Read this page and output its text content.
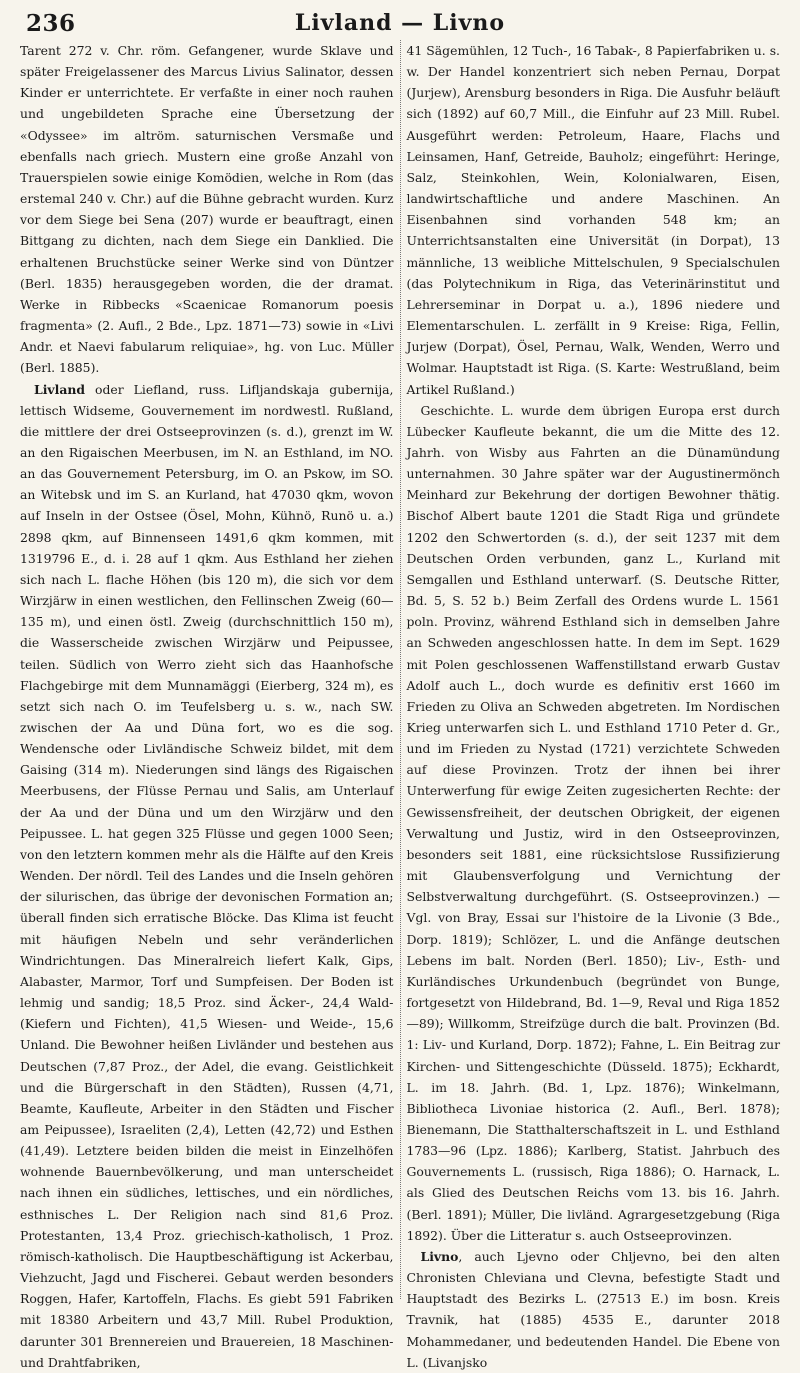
236	Livland — Livno

Tarent 272 v. Chr. röm. Gefangener, wurde Sklave und später Freigelassener des Marcus Livius Salinator, dessen Kinder er unterrichtete. Er verfaßte in einer noch rauhen und ungebildeten Sprache eine Übersetzung der «Odyssee» im altröm. saturnischen Versmaße und ebenfalls nach griech. Mustern eine große Anzahl von Trauerspielen sowie einige Komödien, welche in Rom (das erstemal 240 v. Chr.) auf die Bühne gebracht wurden. Kurz vor dem Siege bei Sena (207) wurde er beauftragt, einen Bittgang zu dichten, nach dem Siege ein Danklied. Die erhaltenen Bruchstücke seiner Werke sind von Düntzer (Berl. 1835) herausgegeben worden, die der dramat. Werke in Ribbecks «Scaenicae Romanorum poesis fragmenta» (2. Aufl., 2 Bde., Lpz. 1871—73) sowie in «Livi Andr. et Naevi fabularum reliquiae», hg. von Luc. Müller (Berl. 1885).

Livland oder Liefland, russ. Lifljandskaja gubernija, lettisch Widseme, Gouvernement im nordwestl. Rußland, die mittlere der drei Ostseeprovinzen (s. d.), grenzt im W. an den Rigaischen Meerbusen, im N. an Esthland, im NO. an das Gouvernement Petersburg, im O. an Pskow, im SO. an Witebsk und im S. an Kurland, hat 47030 qkm, wovon auf Inseln in der Ostsee (Ösel, Mohn, Kühnö, Runö u. a.) 2898 qkm, auf Binnenseen 1491,6 qkm kommen, mit 1319796 E., d. i. 28 auf 1 qkm. Aus Esthland her ziehen sich nach L. flache Höhen (bis 120 m), die sich vor dem Wirzjärw in einen westlichen, den Fellinschen Zweig (60—135 m), und einen östl. Zweig (durchschnittlich 150 m), die Wasserscheide zwischen Wirzjärw und Peipussee, teilen. Südlich von Werro zieht sich das Haanhofsche Flachgebirge mit dem Munnamäggi (Eierberg, 324 m), es setzt sich nach O. im Teufelsberg u. s. w., nach SW. zwischen der Aa und Düna fort, wo es die sog. Wendensche oder Livländische Schweiz bildet, mit dem Gaising (314 m). Niederungen sind längs des Rigaischen Meerbusens, der Flüsse Pernau und Salis, am Unterlauf der Aa und der Düna und um den Wirzjärw und den Peipussee. L. hat gegen 325 Flüsse und gegen 1000 Seen; von den letztern kommen mehr als die Hälfte auf den Kreis Wenden. Der nördl. Teil des Landes und die Inseln gehören der silurischen, das übrige der devonischen Formation an; überall finden sich erratische Blöcke. Das Klima ist feucht mit häufigen Nebeln und sehr veränderlichen Windrichtungen. Das Mineralreich liefert Kalk, Gips, Alabaster, Marmor, Torf und Sumpfeisen. Der Boden ist lehmig und sandig; 18,5 Proz. sind Äcker-, 24,4 Wald- (Kiefern und Fichten), 41,5 Wiesen- und Weide-, 15,6 Unland. Die Bewohner heißen Livländer und bestehen aus Deutschen (7,87 Proz., der Adel, die evang. Geistlichkeit und die Bürgerschaft in den Städten), Russen (4,71, Beamte, Kaufleute, Arbeiter in den Städten und Fischer am Peipussee), Israeliten (2,4), Letten (42,72) und Esthen (41,49). Letztere beiden bilden die meist in Einzelhöfen wohnende Bauernbevölkerung, und man unterscheidet nach ihnen ein südliches, lettisches, und ein nördliches, esthnisches L. Der Religion nach sind 81,6 Proz. Protestanten, 13,4 Proz. griechisch-katholisch, 1 Proz. römisch-katholisch. Die Hauptbeschäftigung ist Ackerbau, Viehzucht, Jagd und Fischerei. Gebaut werden besonders Roggen, Hafer, Kartoffeln, Flachs. Es giebt 591 Fabriken mit 18380 Arbeitern und 43,7 Mill. Rubel Produktion, darunter 301 Brennereien und Brauereien, 18 Maschinen- und Drahtfabriken,

41 Sägemühlen, 12 Tuch-, 16 Tabak-, 8 Papierfabriken u. s. w. Der Handel konzentriert sich neben Pernau, Dorpat (Jurjew), Arensburg besonders in Riga. Die Ausfuhr beläuft sich (1892) auf 60,7 Mill., die Einfuhr auf 23 Mill. Rubel. Ausgeführt werden: Petroleum, Haare, Flachs und Leinsamen, Hanf, Getreide, Bauholz; eingeführt: Heringe, Salz, Steinkohlen, Wein, Kolonialwaren, Eisen, landwirtschaftliche und andere Maschinen. An Eisenbahnen sind vorhanden 548 km; an Unterrichtsanstalten eine Universität (in Dorpat), 13 männliche, 13 weibliche Mittelschulen, 9 Specialschulen (das Polytechnikum in Riga, das Veterinärinstitut und Lehrerseminar in Dorpat u. a.), 1896 niedere und Elementarschulen. L. zerfällt in 9 Kreise: Riga, Fellin, Jurjew (Dorpat), Ösel, Pernau, Walk, Wenden, Werro und Wolmar. Hauptstadt ist Riga. (S. Karte: Westrußland, beim Artikel Rußland.)

Geschichte. L. wurde dem übrigen Europa erst durch Lübecker Kaufleute bekannt, die um die Mitte des 12. Jahrh. von Wisby aus Fahrten an die Dünamündung unternahmen. 30 Jahre später war der Augustinermönch Meinhard zur Bekehrung der dortigen Bewohner thätig. Bischof Albert baute 1201 die Stadt Riga und gründete 1202 den Schwertorden (s. d.), der seit 1237 mit dem Deutschen Orden verbunden, ganz L., Kurland mit Semgallen und Esthland unterwarf. (S. Deutsche Ritter, Bd. 5, S. 52 b.) Beim Zerfall des Ordens wurde L. 1561 poln. Provinz, während Esthland sich in demselben Jahre an Schweden angeschlossen hatte. In dem im Sept. 1629 mit Polen geschlossenen Waffenstillstand erwarb Gustav Adolf auch L., doch wurde es definitiv erst 1660 im Frieden zu Oliva an Schweden abgetreten. Im Nordischen Krieg unterwarfen sich L. und Esthland 1710 Peter d. Gr., und im Frieden zu Nystad (1721) verzichtete Schweden auf diese Provinzen. Trotz der ihnen bei ihrer Unterwerfung für ewige Zeiten zugesicherten Rechte: der Gewissensfreiheit, der deutschen Obrigkeit, der eigenen Verwaltung und Justiz, wird in den Ostseeprovinzen, besonders seit 1881, eine rücksichtslose Russifizierung mit Glaubensverfolgung und Vernichtung der Selbstverwaltung durchgeführt. (S. Ostseeprovinzen.) — Vgl. von Bray, Essai sur l'histoire de la Livonie (3 Bde., Dorp. 1819); Schlözer, L. und die Anfänge deutschen Lebens im balt. Norden (Berl. 1850); Liv-, Esth- und Kurländisches Urkundenbuch (begründet von Bunge, fortgesetzt von Hildebrand, Bd. 1—9, Reval und Riga 1852—89); Willkomm, Streifzüge durch die balt. Provinzen (Bd. 1: Liv- und Kurland, Dorp. 1872); Fahne, L. Ein Beitrag zur Kirchen- und Sittengeschichte (Düsseld. 1875); Eckhardt, L. im 18. Jahrh. (Bd. 1, Lpz. 1876); Winkelmann, Bibliotheca Livoniae historica (2. Aufl., Berl. 1878); Bienemann, Die Statthalterschaftszeit in L. und Esthland 1783—96 (Lpz. 1886); Karlberg, Statist. Jahrbuch des Gouvernements L. (russisch, Riga 1886); O. Harnack, L. als Glied des Deutschen Reichs vom 13. bis 16. Jahrh. (Berl. 1891); Müller, Die livländ. Agrargesetzgebung (Riga 1892). Über die Litteratur s. auch Ostseeprovinzen.

Livno, auch Ljevno oder Chljevno, bei den alten Chronisten Chleviana und Clevna, befestigte Stadt und Hauptstadt des Bezirks L. (27513 E.) im bosn. Kreis Travnik, hat (1885) 4535 E., darunter 2018 Mohammedaner, und bedeutenden Handel. Die Ebene von L. (Livanjsko
